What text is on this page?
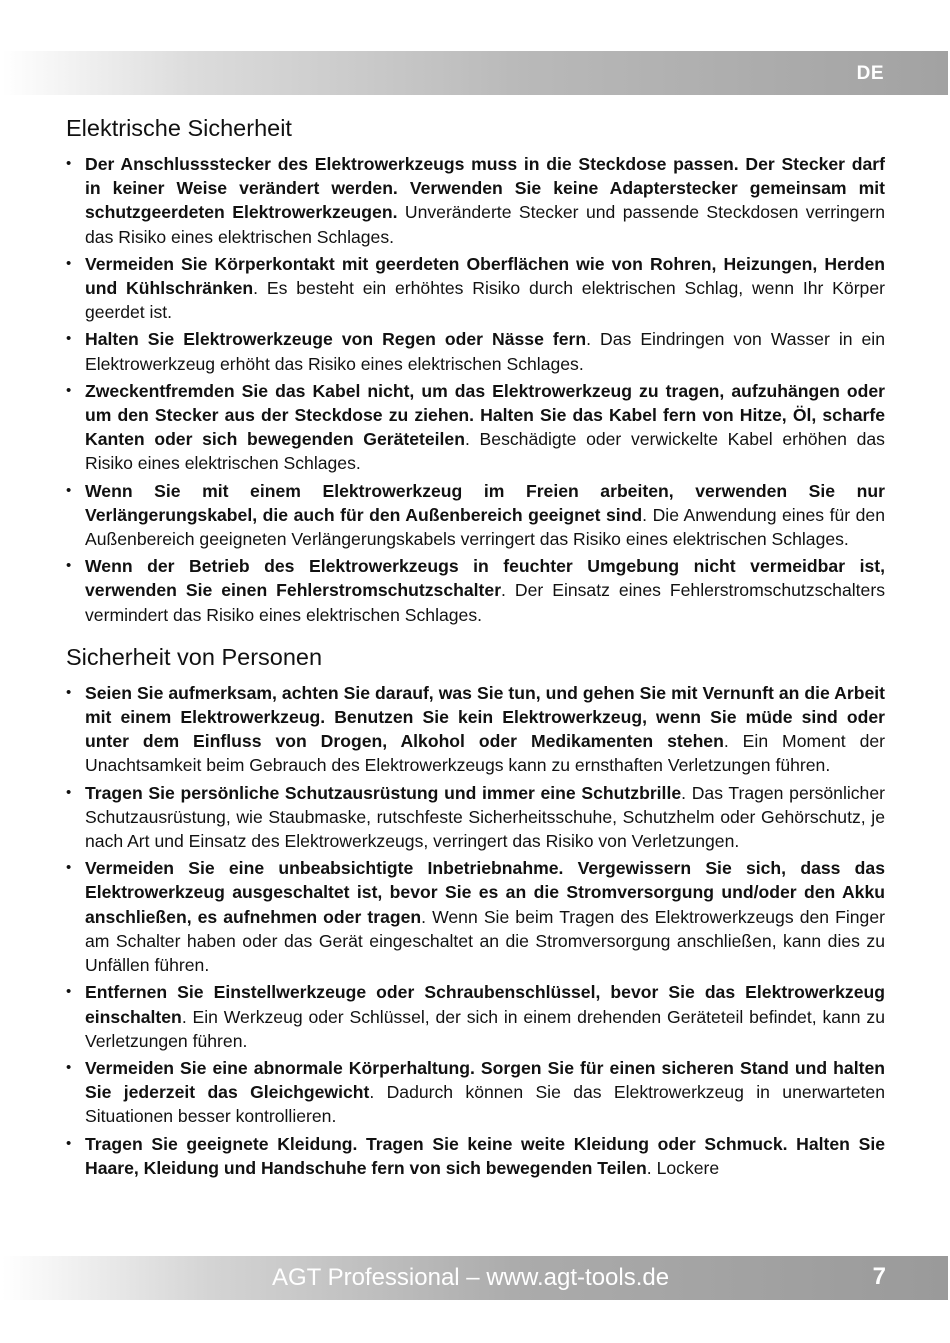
DE
Elektrische Sicherheit
• Der Anschlussstecker des Elektrowerkzeugs muss in die Steckdose passen. Der Stecker darf in keiner Weise verändert werden. Verwenden Sie keine Adapterstecker gemeinsam mit schutzgeerdeten Elektrowerkzeugen. Unveränderte Stecker und passende Steckdosen verringern das Risiko eines elektrischen Schlages.
• Vermeiden Sie Körperkontakt mit geerdeten Oberflächen wie von Rohren, Heizungen, Herden und Kühlschränken. Es besteht ein erhöhtes Risiko durch elektrischen Schlag, wenn Ihr Körper geerdet ist.
• Halten Sie Elektrowerkzeuge von Regen oder Nässe fern. Das Eindringen von Wasser in ein Elektrowerkzeug erhöht das Risiko eines elektrischen Schlages.
• Zweckentfremden Sie das Kabel nicht, um das Elektrowerkzeug zu tragen, aufzuhängen oder um den Stecker aus der Steckdose zu ziehen. Halten Sie das Kabel fern von Hitze, Öl, scharfe Kanten oder sich bewegenden Geräteteilen. Beschädigte oder verwickelte Kabel erhöhen das Risiko eines elektrischen Schlages.
• Wenn Sie mit einem Elektrowerkzeug im Freien arbeiten, verwenden Sie nur Verlängerungskabel, die auch für den Außenbereich geeignet sind. Die Anwendung eines für den Außenbereich geeigneten Verlängerungskabels verringert das Risiko eines elektrischen Schlages.
• Wenn der Betrieb des Elektrowerkzeugs in feuchter Umgebung nicht vermeidbar ist, verwenden Sie einen Fehlerstromschutzschalter. Der Einsatz eines Fehlerstromschutzschalters vermindert das Risiko eines elektrischen Schlages.
Sicherheit von Personen
• Seien Sie aufmerksam, achten Sie darauf, was Sie tun, und gehen Sie mit Vernunft an die Arbeit mit einem Elektrowerkzeug. Benutzen Sie kein Elektrowerkzeug, wenn Sie müde sind oder unter dem Einfluss von Drogen, Alkohol oder Medikamenten stehen. Ein Moment der Unachtsamkeit beim Gebrauch des Elektrowerkzeugs kann zu ernsthaften Verletzungen führen.
• Tragen Sie persönliche Schutzausrüstung und immer eine Schutzbrille. Das Tragen persönlicher Schutzausrüstung, wie Staubmaske, rutschfeste Sicherheitsschuhe, Schutzhelm oder Gehörschutz, je nach Art und Einsatz des Elektrowerkzeugs, verringert das Risiko von Verletzungen.
• Vermeiden Sie eine unbeabsichtigte Inbetriebnahme. Vergewissern Sie sich, dass das Elektrowerkzeug ausgeschaltet ist, bevor Sie es an die Stromversorgung und/oder den Akku anschließen, es aufnehmen oder tragen. Wenn Sie beim Tragen des Elektrowerkzeugs den Finger am Schalter haben oder das Gerät eingeschaltet an die Stromversorgung anschließen, kann dies zu Unfällen führen.
• Entfernen Sie Einstellwerkzeuge oder Schraubenschlüssel, bevor Sie das Elektrowerkzeug einschalten. Ein Werkzeug oder Schlüssel, der sich in einem drehenden Geräteteil befindet, kann zu Verletzungen führen.
• Vermeiden Sie eine abnormale Körperhaltung. Sorgen Sie für einen sicheren Stand und halten Sie jederzeit das Gleichgewicht. Dadurch können Sie das Elektrowerkzeug in unerwarteten Situationen besser kontrollieren.
• Tragen Sie geeignete Kleidung. Tragen Sie keine weite Kleidung oder Schmuck. Halten Sie Haare, Kleidung und Handschuhe fern von sich bewegenden Teilen. Lockere
AGT Professional – www.agt-tools.de	7
